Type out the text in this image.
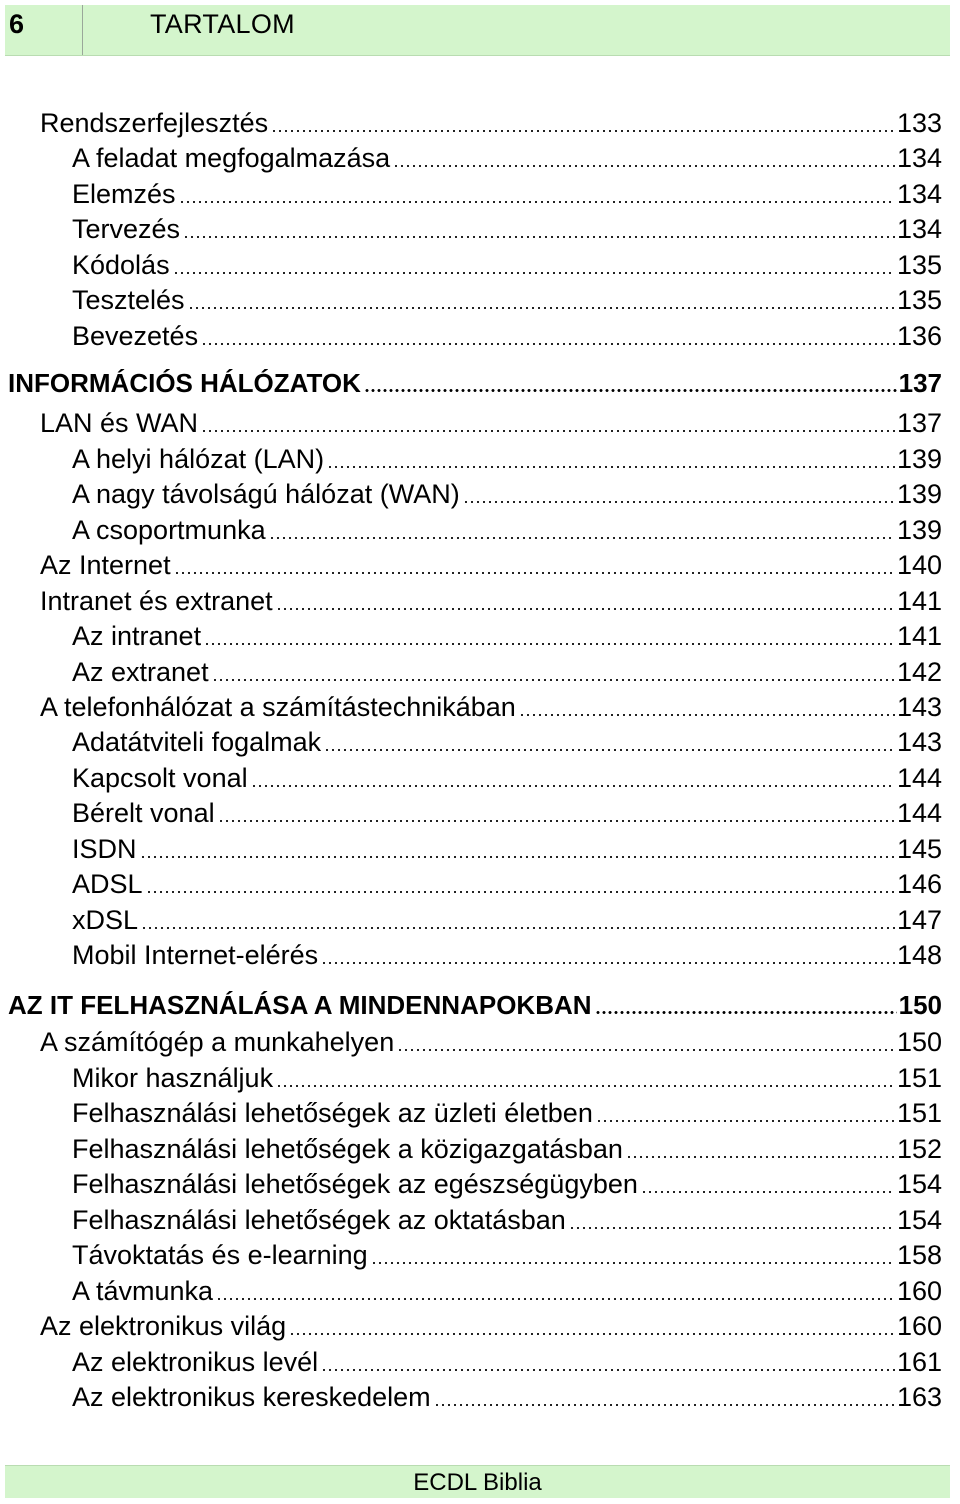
6	TARTALOM
Rendszerfejlesztés	133
A feladat megfogalmazása	134
Elemzés	134
Tervezés	134
Kódolás	135
Tesztelés	135
Bevezetés	136
INFORMÁCIÓS HÁLÓZATOK	137
LAN és WAN	137
A helyi hálózat (LAN)	139
A nagy távolságú hálózat (WAN)	139
A csoportmunka	139
Az Internet	140
Intranet és extranet	141
Az intranet	141
Az extranet	142
A telefonhálózat a számítástechnikában	143
Adatátviteli fogalmak	143
Kapcsolt vonal	144
Bérelt vonal	144
ISDN	145
ADSL	146
xDSL	147
Mobil Internet-elérés	148
AZ IT FELHASZNÁLÁSA A MINDENNAPOKBAN	150
A számítógép a munkahelyen	150
Mikor használjuk	151
Felhasználási lehetőségek az üzleti életben	151
Felhasználási lehetőségek a közigazgatásban	152
Felhasználási lehetőségek az egészségügyben	154
Felhasználási lehetőségek az oktatásban	154
Távoktatás és e-learning	158
A távmunka	160
Az elektronikus világ	160
Az elektronikus levél	161
Az elektronikus kereskedelem	163
ECDL Biblia
